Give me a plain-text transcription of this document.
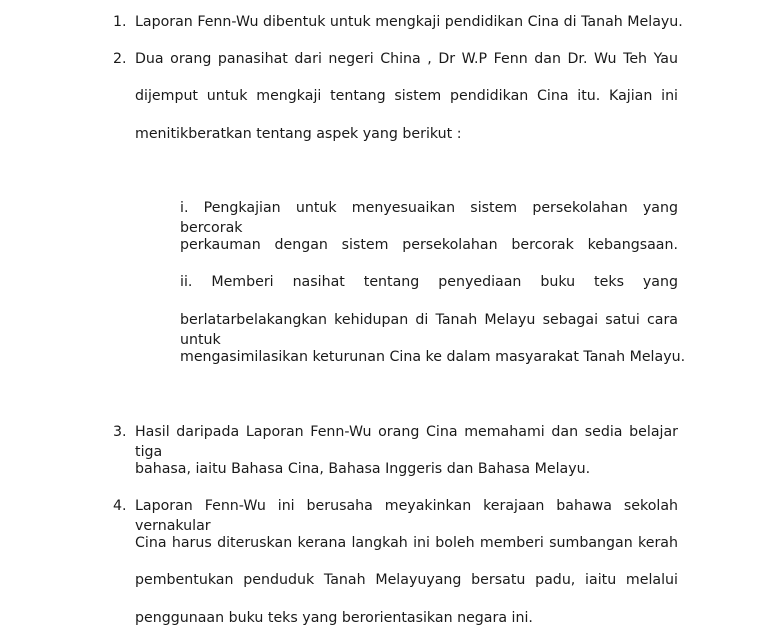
1. Laporan Fenn-Wu dibentuk untuk mengkaji pendidikan Cina di Tanah Melayu.
2. Dua orang panasihat dari negeri China , Dr W.P Fenn dan Dr. Wu Teh Yau
dijemput untuk mengkaji tentang sistem pendidikan Cina itu. Kajian ini
menitikberatkan tentang aspek yang berikut :
i. Pengkajian untuk menyesuaikan sistem persekolahan yang bercorak
perkauman dengan sistem persekolahan bercorak kebangsaan.
ii. Memberi nasihat tentang penyediaan buku teks yang
berlatarbelakangkan kehidupan di Tanah Melayu sebagai satui cara untuk
mengasimilasikan keturunan Cina ke dalam masyarakat Tanah Melayu.
3. Hasil daripada Laporan Fenn-Wu orang Cina memahami dan sedia belajar tiga
bahasa, iaitu Bahasa Cina, Bahasa Inggeris dan Bahasa Melayu.
4. Laporan Fenn-Wu ini berusaha meyakinkan kerajaan bahawa sekolah vernakular
Cina harus diteruskan kerana langkah ini boleh memberi sumbangan kerah
pembentukan penduduk Tanah Melayuyang bersatu padu, iaitu melalui
penggunaan buku teks yang berorientasikan negara ini.
